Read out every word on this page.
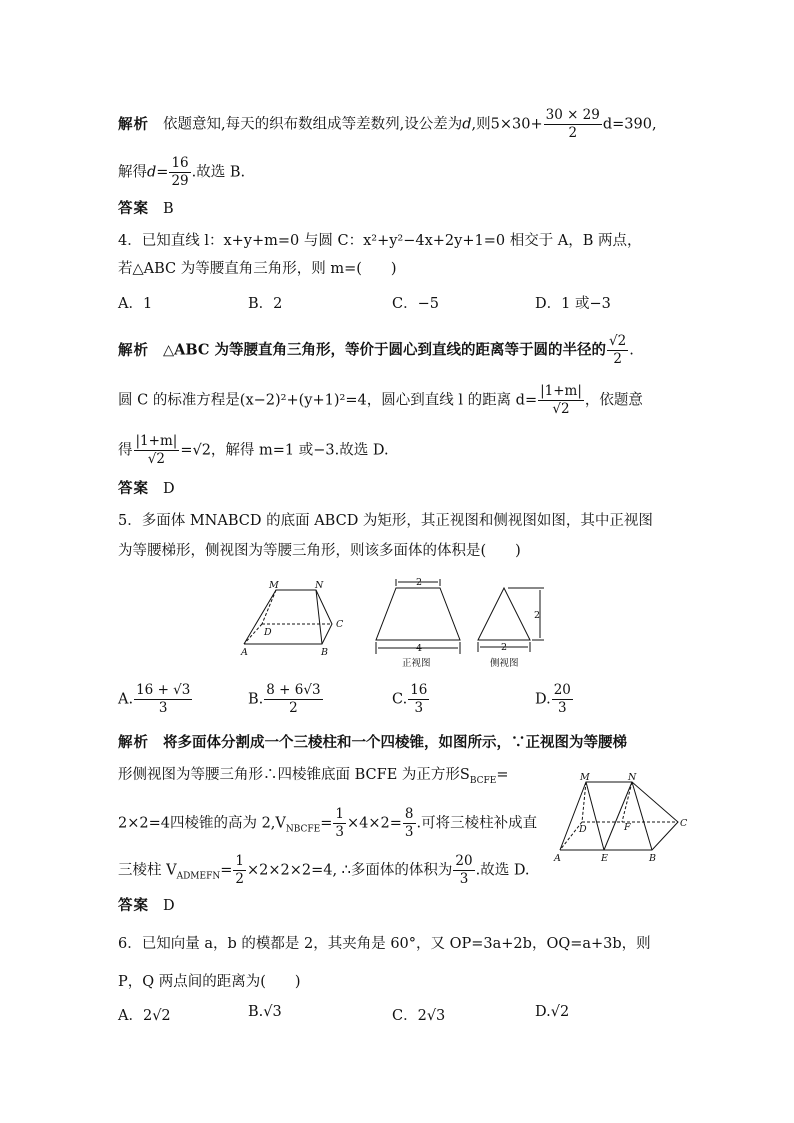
解析 依题意知,每天的织布数组成等差数列,设公差为d,则$5\times 30+ \frac{30 \times 29}{2} d=390$,
解得$d= \frac{16}{29}$ .故选 B.
答案 B
4．已知直线 l：x+y+m=0 与圆 C：x²+y²−4x+2y+1=0 相交于 A，B 两点，
若△ABC 为等腰直角三角形，则 m=(　　)
A．1	B．2	C．−5	D．1 或−3
解析 △ABC 为等腰直角三角形，等价于圆心到直线的距离等于圆的半径的 $\frac{√2}{2}$ .
圆 C 的标准方程是(x−2)²+(y+1)²=4，圆心到直线 l 的距离 $d= \frac{|1+m|}{√2}$ ，依题意
得 $\frac{|1+m|}{√2} =√2$，解得 m=1 或−3.故选 D.
答案 D
5．多面体 MNABCD 的底面 ABCD 为矩形，其正视图和侧视图如图，其中正视图
为等腰梯形，侧视图为等腰三角形，则该多面体的体积是(　　)
M	N
C
D
A	B
2
4
2
2
正视图	侧视图
A. $\frac{16 + √3}{3}$	B. $\frac{8 + 6√3}{2}$	C. $\frac{16}{3}$	D. $\frac{20}{3}$
解析 将多面体分割成一个三棱柱和一个四棱锥，如图所示，∵正视图为等腰梯
形侧视图为等腰三角形∴四棱锥底面 BCFE 为正方形$S_{BCFE}=$
2×2=4四棱锥的高为 $2,V_{NBCFE}= \frac{1}{3} \times 4\times 2= \frac{8}{3}$ .可将三棱柱补成直
三棱柱 $V_{ADMEFN}= \frac{1}{2} \times 2\times 2\times 2=4$, ∴多面体的体积为 $\frac{20}{3}$ .故选 D.
M	N
C
D	F
A	E	B
答案 D
6．已知向量 a，b 的模都是 2，其夹角是 60°，又 OP=3a+2b，OQ=a+3b，则
P，Q 两点间的距离为(　　)
A．2√2	B.√3	C．2√3	D.√2
